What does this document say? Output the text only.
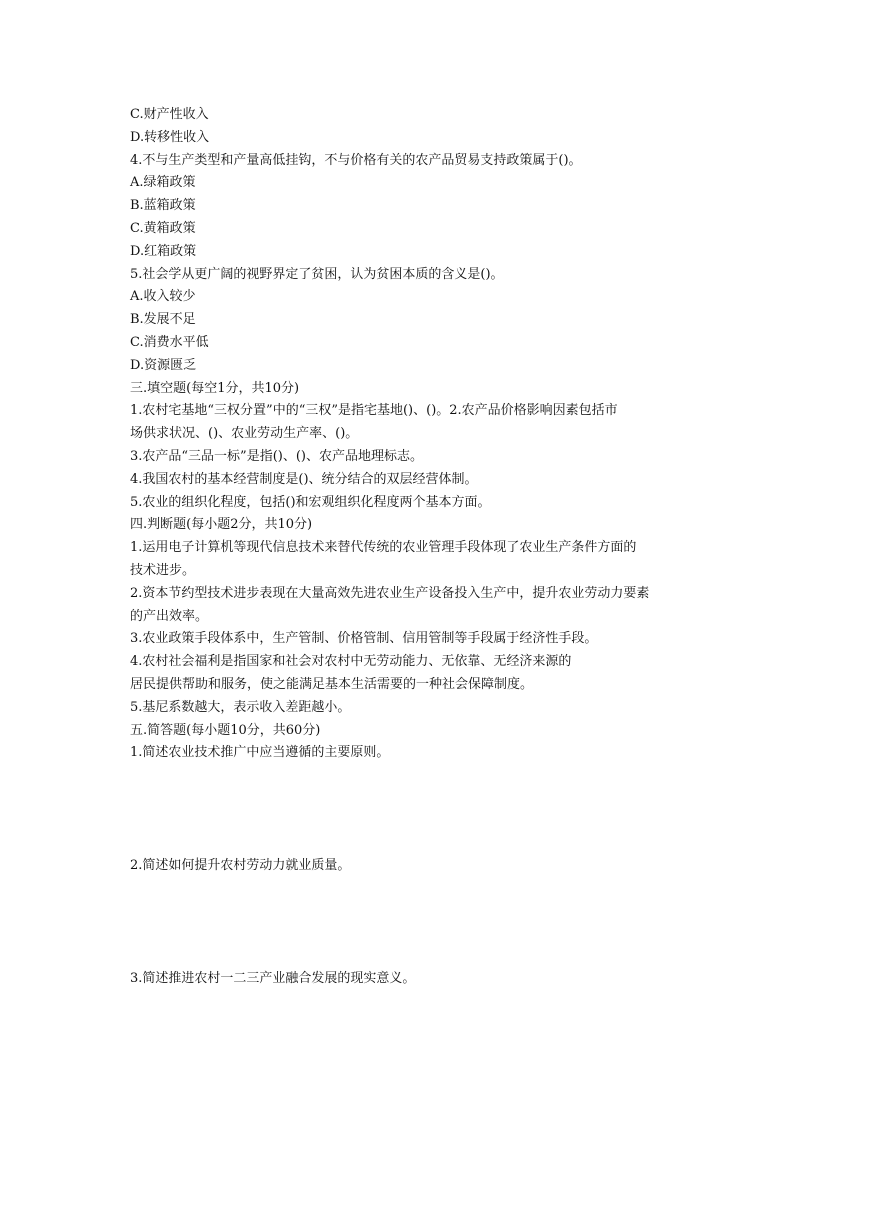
C.财产性收入
D.转移性收入
4.不与生产类型和产量高低挂钩，不与价格有关的农产品贸易支持政策属于()。
A.绿箱政策
B.蓝箱政策
C.黄箱政策
D.红箱政策
5.社会学从更广阔的视野界定了贫困，认为贫困本质的含义是()。
A.收入较少
B.发展不足
C.消费水平低
D.资源匮乏
三.填空题(每空1分，共10分)
1.农村宅基地“三权分置”中的“三权”是指宅基地()、()。2.农产品价格影响因素包括市
场供求状况、()、农业劳动生产率、()。
3.农产品“三品一标”是指()、()、农产品地理标志。
4.我国农村的基本经营制度是()、统分结合的双层经营体制。
5.农业的组织化程度，包括()和宏观组织化程度两个基本方面。
四.判断题(每小题2分，共10分)
1.运用电子计算机等现代信息技术来替代传统的农业管理手段体现了农业生产条件方面的
技术进步。
2.资本节约型技术进步表现在大量高效先进农业生产设备投入生产中，提升农业劳动力要素
的产出效率。
3.农业政策手段体系中，生产管制、价格管制、信用管制等手段属于经济性手段。
4.农村社会福利是指国家和社会对农村中无劳动能力、无依靠、无经济来源的
居民提供帮助和服务，使之能满足基本生活需要的一种社会保障制度。
5.基尼系数越大，表示收入差距越小。
五.简答题(每小题10分，共60分)
1.简述农业技术推广中应当遵循的主要原则。
2.简述如何提升农村劳动力就业质量。
3.简述推进农村一二三产业融合发展的现实意义。
